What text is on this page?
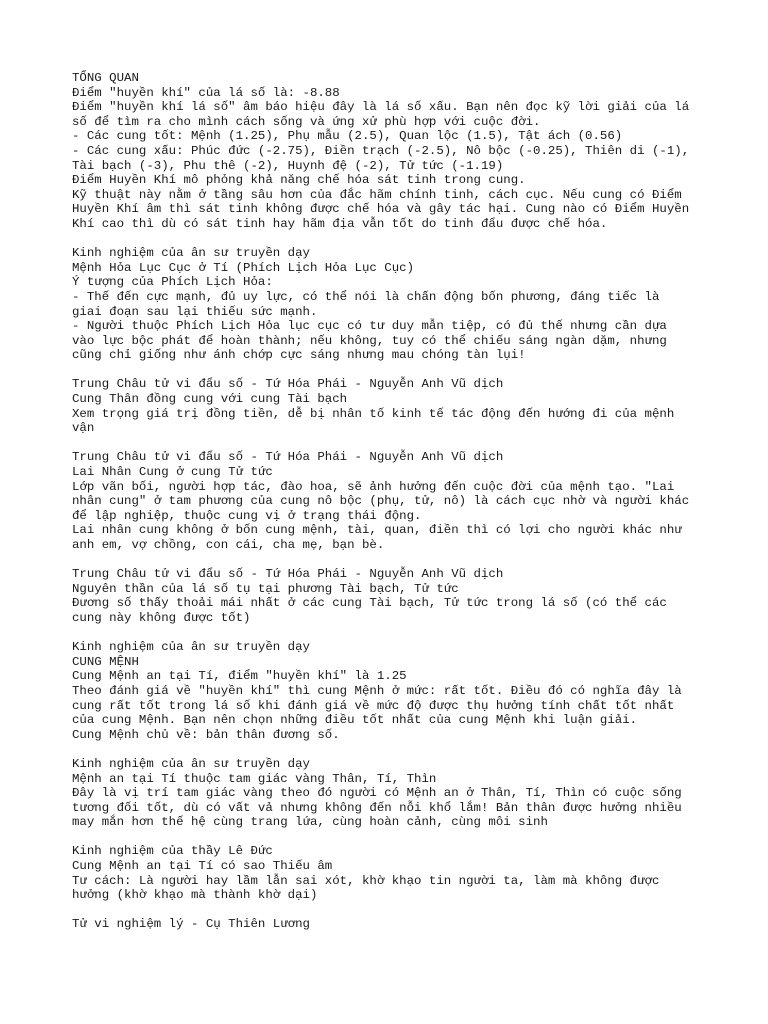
TỔNG QUAN
Điểm "huyền khí" của lá số là: -8.88
Điểm "huyền khí lá số" âm báo hiệu đây là lá số xấu. Bạn nên đọc kỹ lời giải của lá
số để tìm ra cho mình cách sống và ứng xử phù hợp với cuộc đời.
- Các cung tốt: Mệnh (1.25), Phụ mẫu (2.5), Quan lộc (1.5), Tật ách (0.56)
- Các cung xấu: Phúc đức (-2.75), Điền trạch (-2.5), Nô bộc (-0.25), Thiên di (-1),
Tài bạch (-3), Phu thê (-2), Huynh đệ (-2), Tử tức (-1.19)
Điểm Huyền Khí mô phỏng khả năng chế hóa sát tinh trong cung.
Kỹ thuật này nằm ở tầng sâu hơn của đắc hãm chính tinh, cách cục. Nếu cung có Điểm
Huyền Khí âm thì sát tinh không được chế hóa và gây tác hại. Cung nào có Điểm Huyền
Khí cao thì dù có sát tinh hay hãm địa vẫn tốt do tinh đẩu được chế hóa.
Kinh nghiệm của ân sư truyền dạy
Mệnh Hỏa Lục Cục ở Tí (Phích Lịch Hỏa Lục Cục)
Ý tượng của Phích Lịch Hỏa:
- Thế đến cực mạnh, đủ uy lực, có thể nói là chấn động bốn phương, đáng tiếc là
giai đoạn sau lại thiếu sức mạnh.
- Người thuộc Phích Lịch Hỏa lục cục có tư duy mẫn tiệp, có đủ thế nhưng cần dựa
vào lực bộc phát để hoàn thành; nếu không, tuy có thể chiếu sáng ngàn dặm, nhưng
cũng chỉ giống như ánh chớp cực sáng nhưng mau chóng tàn lụi!
Trung Châu tử vi đẩu số - Tứ Hóa Phái - Nguyễn Anh Vũ dịch
Cung Thân đồng cung với cung Tài bạch
Xem trọng giá trị đồng tiền, dễ bị nhân tố kinh tế tác động đến hướng đi của mệnh
vận
Trung Châu tử vi đẩu số - Tứ Hóa Phái - Nguyễn Anh Vũ dịch
Lai Nhân Cung ở cung Tử tức
Lớp vãn bối, người hợp tác, đào hoa, sẽ ảnh hưởng đến cuộc đời của mệnh tạo. "Lai
nhân cung" ở tam phương của cung nô bộc (phụ, tử, nô) là cách cục nhờ và người khác
để lập nghiệp, thuộc cung vị ở trạng thái động.
Lai nhân cung không ở bốn cung mệnh, tài, quan, điền thì có lợi cho người khác như
anh em, vợ chồng, con cái, cha mẹ, bạn bè.
Trung Châu tử vi đẩu số - Tứ Hóa Phái - Nguyễn Anh Vũ dịch
Nguyên thần của lá số tụ tại phương Tài bạch, Tử tức
Đương số thấy thoải mái nhất ở các cung Tài bạch, Tử tức trong lá số (có thể các
cung này không được tốt)
Kinh nghiệm của ân sư truyền dạy
CUNG MỆNH
Cung Mệnh an tại Tí, điểm "huyền khí" là 1.25
Theo đánh giá về "huyền khí" thì cung Mệnh ở mức: rất tốt. Điều đó có nghĩa đây là
cung rất tốt trong lá số khi đánh giá về mức độ được thụ hưởng tính chất tốt nhất
của cung Mệnh. Bạn nên chọn những điều tốt nhất của cung Mệnh khi luận giải.
Cung Mệnh chủ về: bản thân đương số.
Kinh nghiệm của ân sư truyền dạy
Mệnh an tại Tí thuộc tam giác vàng Thân, Tí, Thìn
Đây là vị trí tam giác vàng theo đó người có Mệnh an ở Thân, Tí, Thìn có cuộc sống
tương đối tốt, dù có vất vả nhưng không đến nỗi khổ lắm! Bản thân được hưởng nhiều
may mắn hơn thế hệ cùng trang lứa, cùng hoàn cảnh, cùng môi sinh
Kinh nghiệm của thầy Lê Đức
Cung Mệnh an tại Tí có sao Thiếu âm
Tư cách: Là người hay lầm lẫn sai xót, khờ khạo tin người ta, làm mà không được
hưởng (khờ khạo mà thành khờ dại)
Tử vi nghiệm lý - Cụ Thiên Lương
